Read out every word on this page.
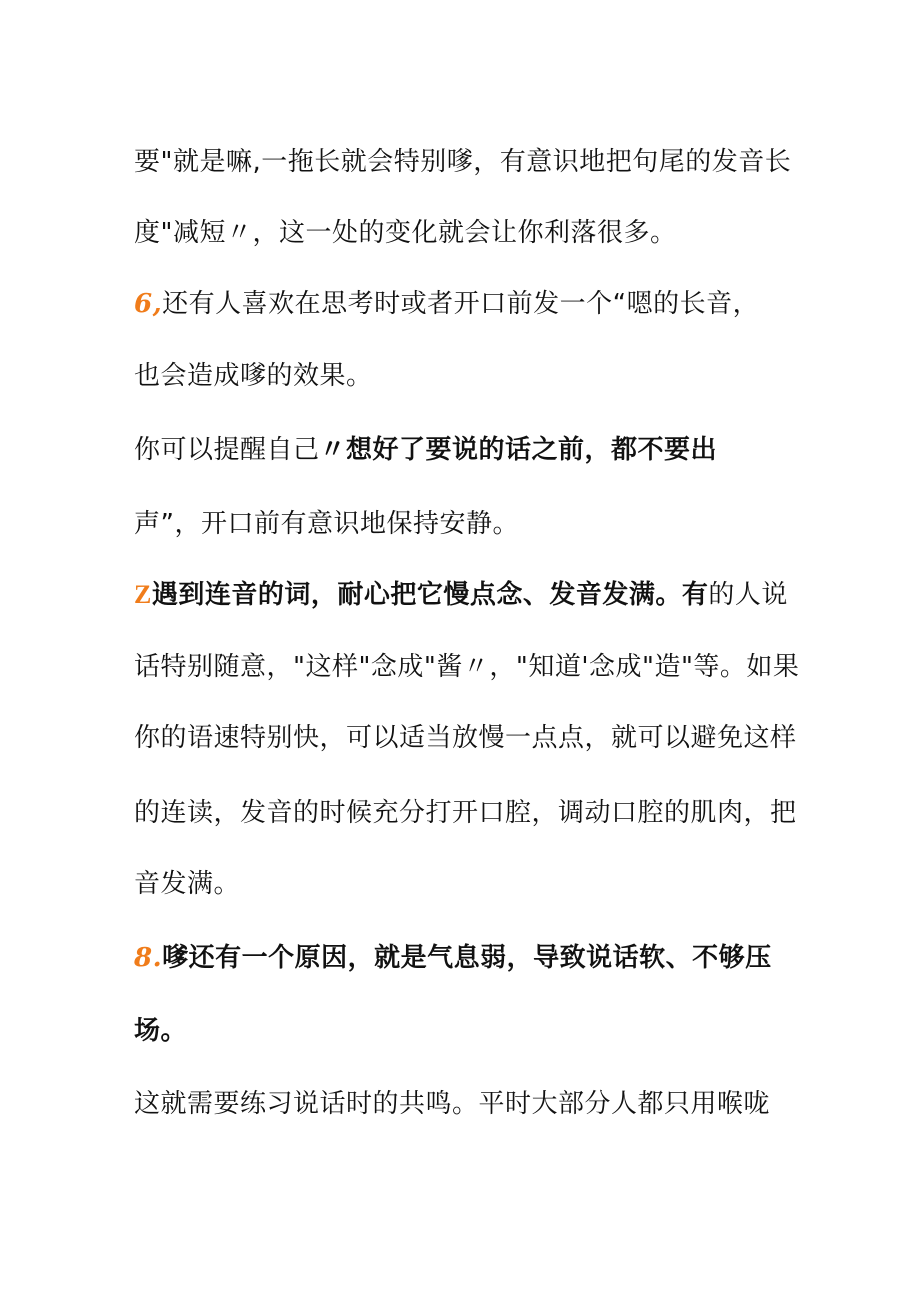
要"就是嘛,一拖长就会特别嗲，有意识地把句尾的发音长
度"减短〃，这一处的变化就会让你利落很多。
6,还有人喜欢在思考时或者开口前发一个“嗯的长音，
也会造成嗲的效果。
你可以提醒自己〃想好了要说的话之前，都不要出
声”，开口前有意识地保持安静。
Z遇到连音的词，耐心把它慢点念、发音发满。有的人说
话特别随意，"这样"念成"酱〃，"知道'念成"造"等。如果
你的语速特别快，可以适当放慢一点点，就可以避免这样
的连读，发音的时候充分打开口腔，调动口腔的肌肉，把
音发满。
8.嗲还有一个原因，就是气息弱，导致说话软、不够压
场。
这就需要练习说话时的共鸣。平时大部分人都只用喉咙
